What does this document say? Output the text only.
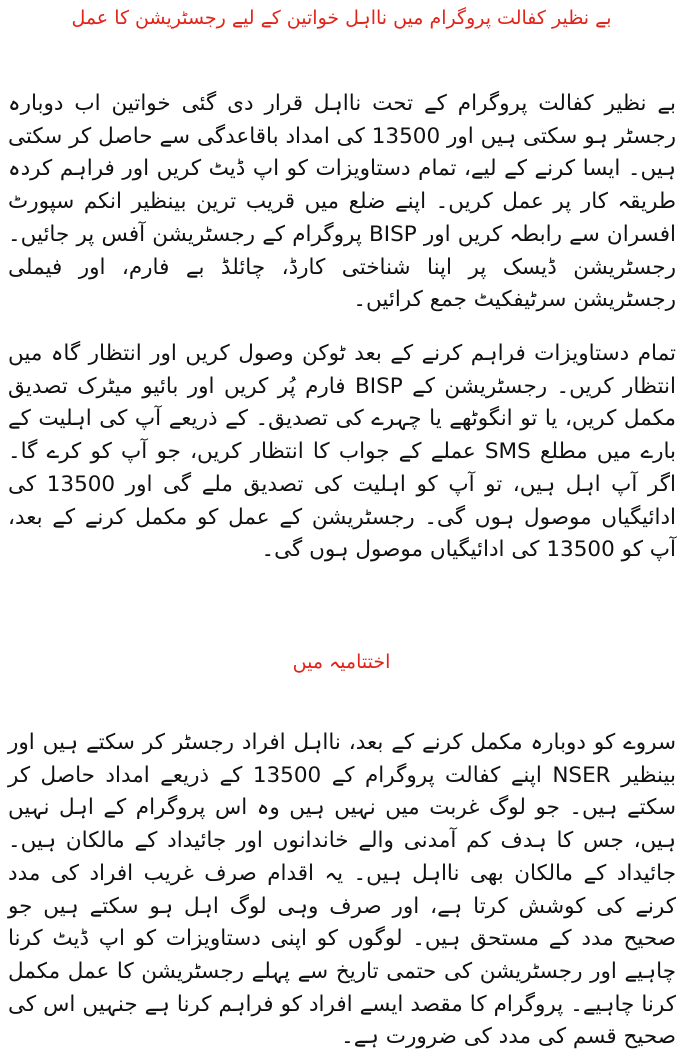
بے نظیر کفالت پروگرام میں نااہل خواتین کے لیے رجسٹریشن کا عمل

بے نظیر کفالت پروگرام کے تحت نااہل قرار دی گئی خواتین اب دوبارہ رجسٹر ہو سکتی ہیں اور 13500 کی امداد باقاعدگی سے حاصل کر سکتی ہیں۔ ایسا کرنے کے لیے، تمام دستاویزات کو اپ ڈیٹ کریں اور فراہم کردہ طریقہ کار پر عمل کریں۔ اپنے ضلع میں قریب ترین بینظیر انکم سپورٹ افسران سے رابطہ کریں اور BISP پروگرام کے رجسٹریشن آفس پر جائیں۔ رجسٹریشن ڈیسک پر اپنا شناختی کارڈ، چائلڈ بے فارم، اور فیملی رجسٹریشن سرٹیفکیٹ جمع کرائیں۔

تمام دستاویزات فراہم کرنے کے بعد ٹوکن وصول کریں اور انتظار گاہ میں انتظار کریں۔ رجسٹریشن کے BISP فارم پُر کریں اور بائیو میٹرک تصدیق مکمل کریں، یا تو انگوٹھے یا چہرے کی تصدیق۔ کے ذریعے آپ کی اہلیت کے بارے میں مطلع SMS عملے کے جواب کا انتظار کریں، جو آپ کو کرے گا۔ اگر آپ اہل ہیں، تو آپ کو اہلیت کی تصدیق ملے گی اور 13500 کی ادائیگیاں موصول ہوں گی۔ رجسٹریشن کے عمل کو مکمل کرنے کے بعد، آپ کو 13500 کی ادائیگیاں موصول ہوں گی۔

اختتامیہ میں

سروے کو دوبارہ مکمل کرنے کے بعد، نااہل افراد رجسٹر کر سکتے ہیں اور بینظیر NSER اپنے کفالت پروگرام کے 13500 کے ذریعے امداد حاصل کر سکتے ہیں۔ جو لوگ غربت میں نہیں ہیں وہ اس پروگرام کے اہل نہیں ہیں، جس کا ہدف کم آمدنی والے خاندانوں اور جائیداد کے مالکان ہیں۔ جائیداد کے مالکان بھی نااہل ہیں۔ یہ اقدام صرف غریب افراد کی مدد کرنے کی کوشش کرتا ہے، اور صرف وہی لوگ اہل ہو سکتے ہیں جو صحیح مدد کے مستحق ہیں۔ لوگوں کو اپنی دستاویزات کو اپ ڈیٹ کرنا چاہیے اور رجسٹریشن کی حتمی تاریخ سے پہلے رجسٹریشن کا عمل مکمل کرنا چاہیے۔ پروگرام کا مقصد ایسے افراد کو فراہم کرنا ہے جنہیں اس کی صحیح قسم کی مدد کی ضرورت ہے۔
